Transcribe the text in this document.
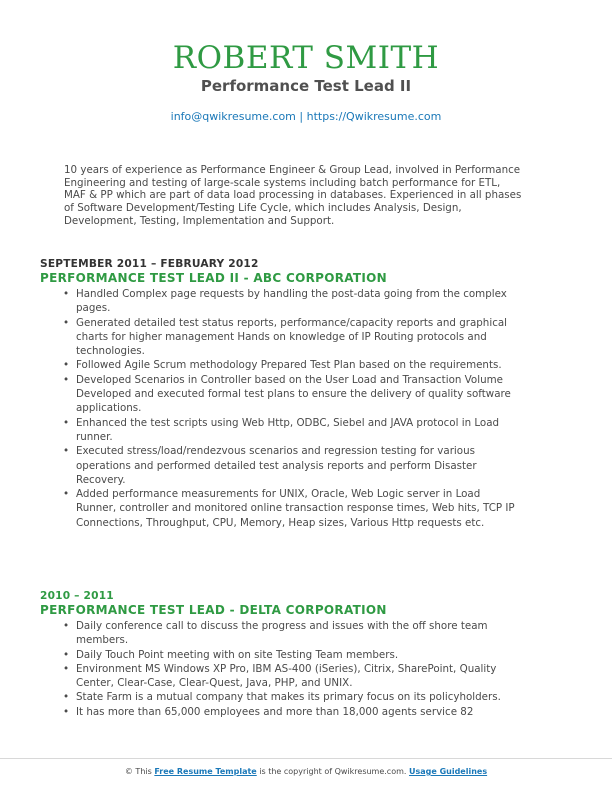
ROBERT SMITH
Performance Test Lead II
info@qwikresume.com | https://Qwikresume.com
10 years of experience as Performance Engineer & Group Lead, involved in Performance Engineering and testing of large-scale systems including batch performance for ETL, MAF & PP which are part of data load processing in databases. Experienced in all phases of Software Development/Testing Life Cycle, which includes Analysis, Design, Development, Testing, Implementation and Support.
SEPTEMBER 2011 – FEBRUARY 2012
PERFORMANCE TEST LEAD II - ABC CORPORATION
• Handled Complex page requests by handling the post-data going from the complex pages.
• Generated detailed test status reports, performance/capacity reports and graphical charts for higher management Hands on knowledge of IP Routing protocols and technologies.
• Followed Agile Scrum methodology Prepared Test Plan based on the requirements.
• Developed Scenarios in Controller based on the User Load and Transaction Volume Developed and executed formal test plans to ensure the delivery of quality software applications.
• Enhanced the test scripts using Web Http, ODBC, Siebel and JAVA protocol in Load runner.
• Executed stress/load/rendezvous scenarios and regression testing for various operations and performed detailed test analysis reports and perform Disaster Recovery.
• Added performance measurements for UNIX, Oracle, Web Logic server in Load Runner, controller and monitored online transaction response times, Web hits, TCP IP Connections, Throughput, CPU, Memory, Heap sizes, Various Http requests etc.
2010 – 2011
PERFORMANCE TEST LEAD - DELTA CORPORATION
• Daily conference call to discuss the progress and issues with the off shore team members.
• Daily Touch Point meeting with on site Testing Team members.
• Environment MS Windows XP Pro, IBM AS-400 (iSeries), Citrix, SharePoint, Quality Center, Clear-Case, Clear-Quest, Java, PHP, and UNIX.
• State Farm is a mutual company that makes its primary focus on its policyholders.
• It has more than 65,000 employees and more than 18,000 agents service 82
© This Free Resume Template is the copyright of Qwikresume.com. Usage Guidelines
